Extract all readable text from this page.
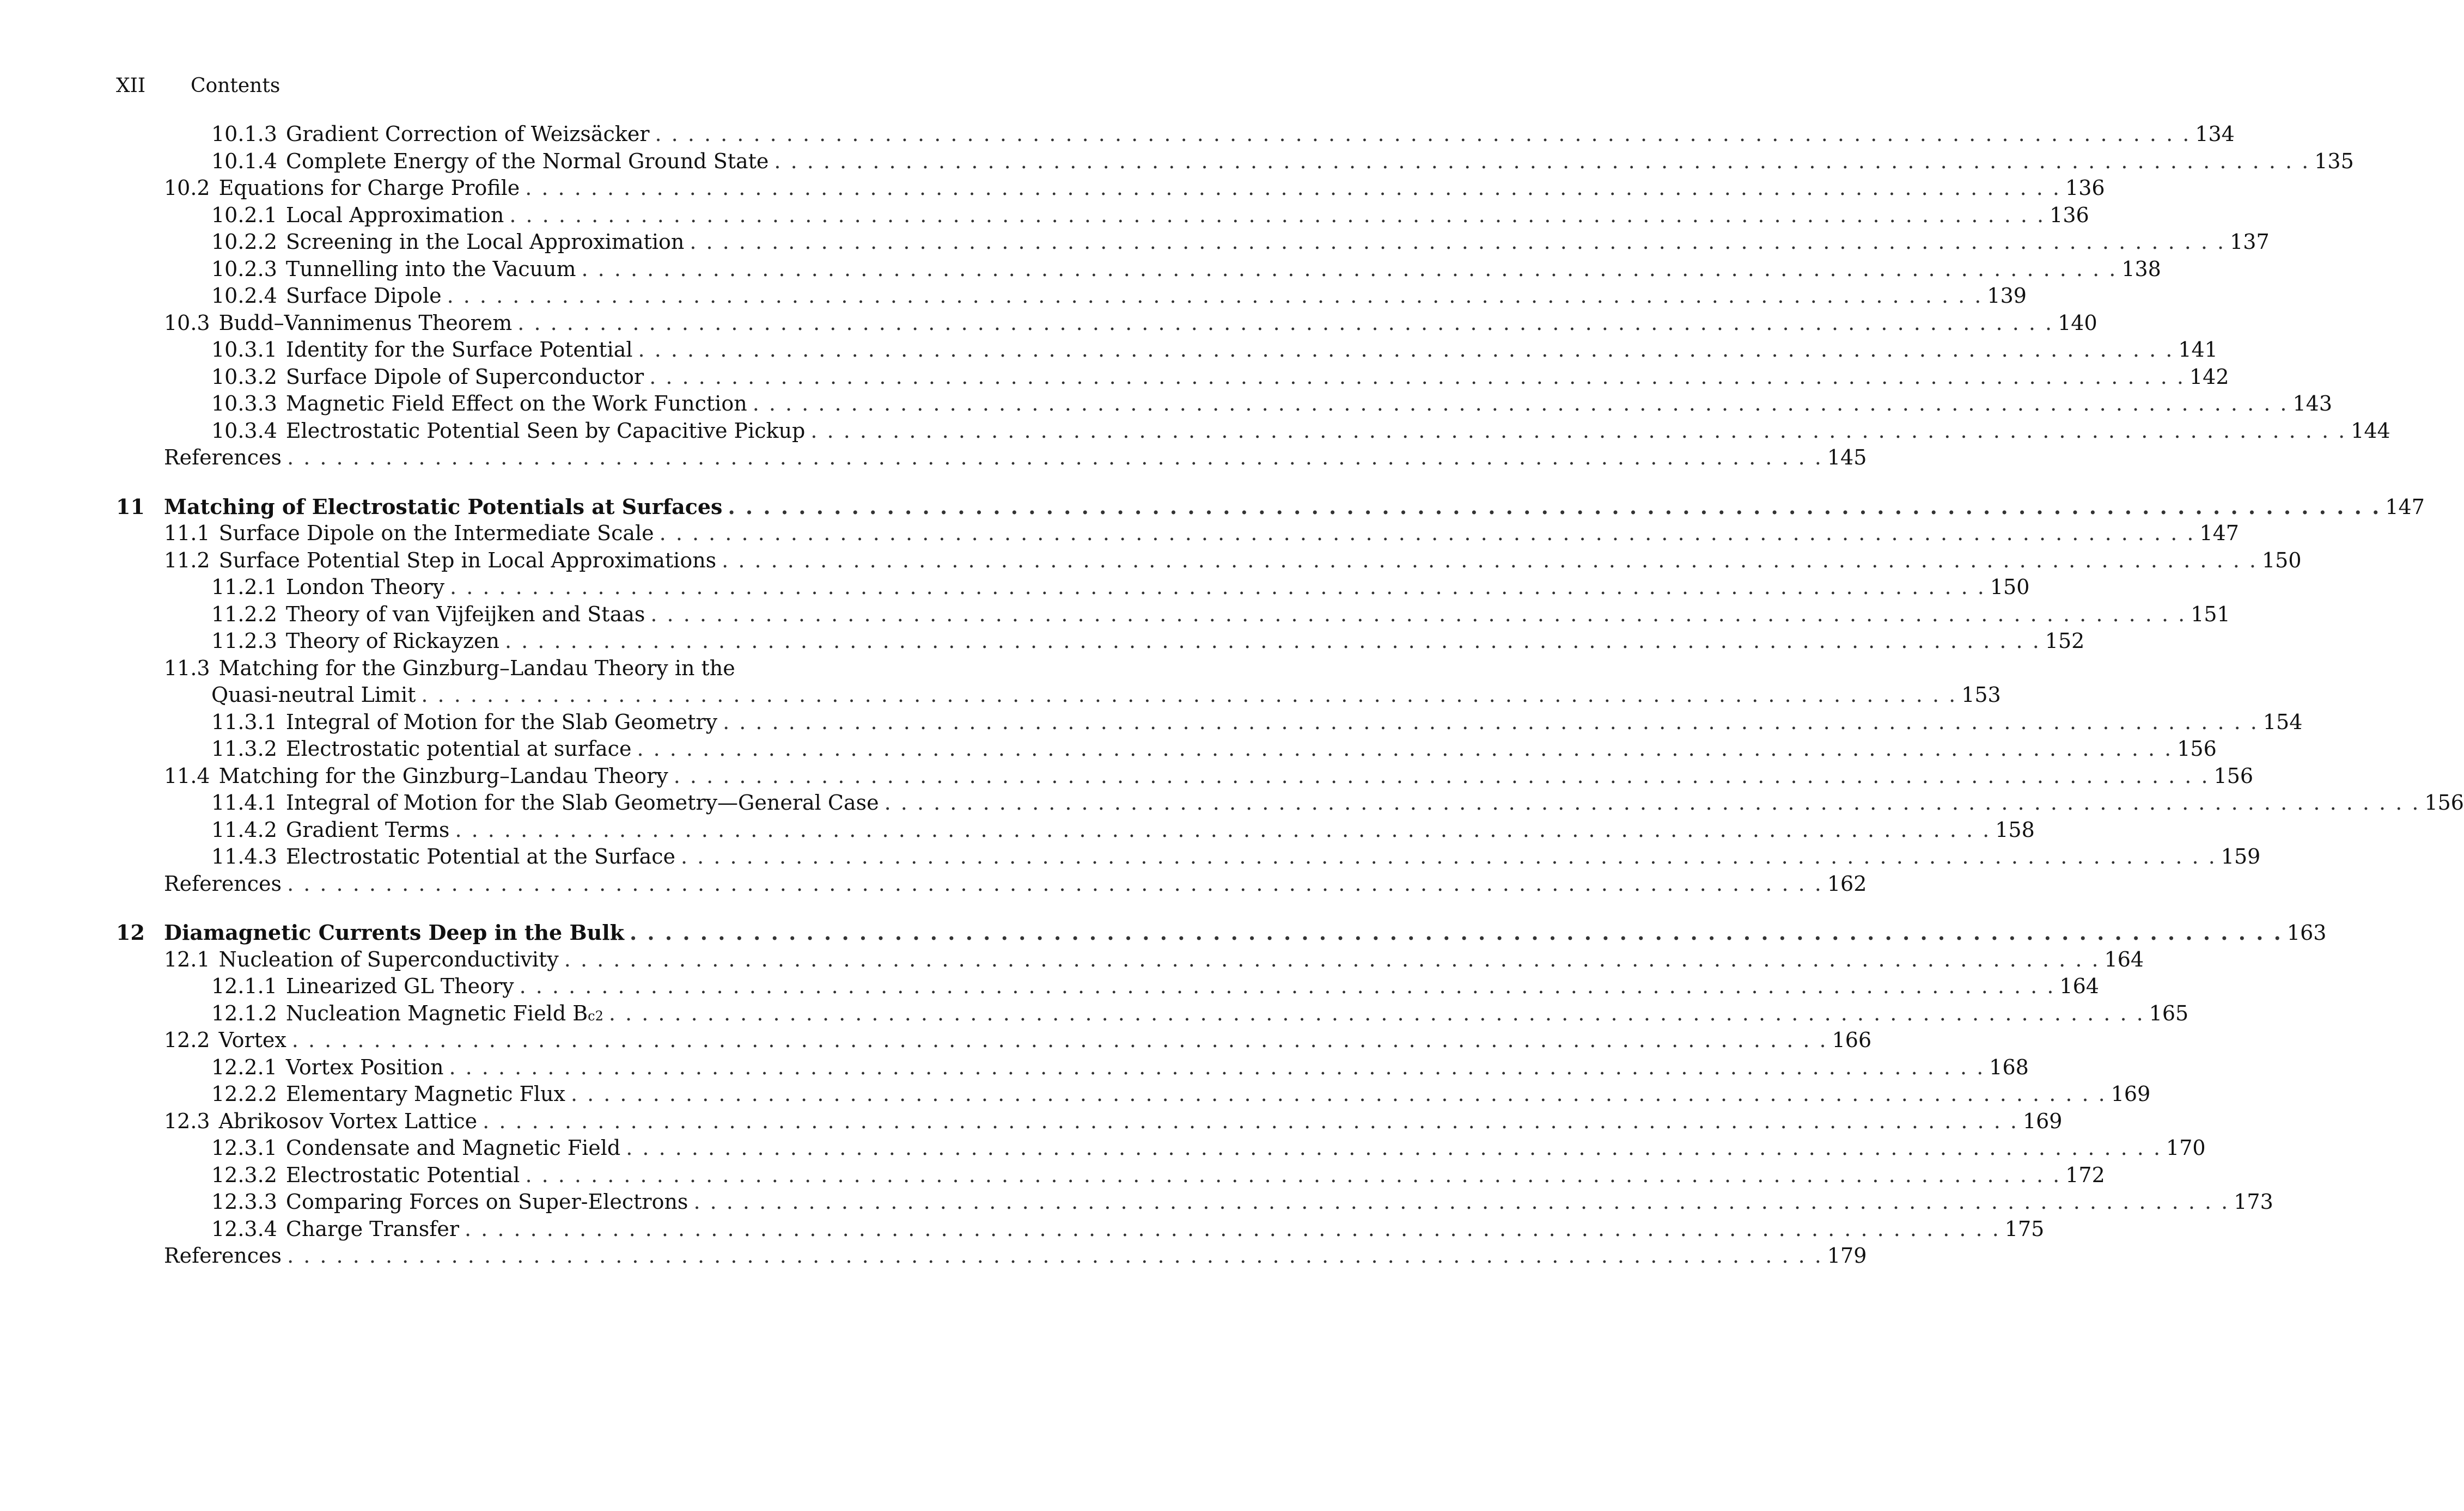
XII Contents
10.1.3 Gradient Correction of Weizsäcker . . .	134
10.1.4 Complete Energy of the Normal Ground State . . .	135
10.2 Equations for Charge Profile . . .	136
10.2.1 Local Approximation . . .	136
10.2.2 Screening in the Local Approximation . . .	137
10.2.3 Tunnelling into the Vacuum . . .	138
10.2.4 Surface Dipole . . .	139
10.3 Budd–Vannimenus Theorem . . .	140
10.3.1 Identity for the Surface Potential . . .	141
10.3.2 Surface Dipole of Superconductor . . .	142
10.3.3 Magnetic Field Effect on the Work Function . . .	143
10.3.4 Electrostatic Potential Seen by Capacitive Pickup . . .	144
References . . .	145
11 Matching of Electrostatic Potentials at Surfaces . . .	147
11.1 Surface Dipole on the Intermediate Scale . . .	147
11.2 Surface Potential Step in Local Approximations . . .	150
11.2.1 London Theory . . .	150
11.2.2 Theory of van Vijfeijken and Staas . . .	151
11.2.3 Theory of Rickayzen . . .	152
11.3 Matching for the Ginzburg–Landau Theory in the
Quasi-neutral Limit . . .	153
11.3.1 Integral of Motion for the Slab Geometry . . .	154
11.3.2 Electrostatic potential at surface . . .	156
11.4 Matching for the Ginzburg–Landau Theory . . .	156
11.4.1 Integral of Motion for the Slab Geometry—General Case . . .	156
11.4.2 Gradient Terms . . .	158
11.4.3 Electrostatic Potential at the Surface . . .	159
References . . .	162
12 Diamagnetic Currents Deep in the Bulk . . .	163
12.1 Nucleation of Superconductivity . . .	164
12.1.1 Linearized GL Theory . . .	164
12.1.2 Nucleation Magnetic Field B c2 . . .	165
12.2 Vortex . . .	166
12.2.1 Vortex Position . . .	168
12.2.2 Elementary Magnetic Flux . . .	169
12.3 Abrikosov Vortex Lattice . . .	169
12.3.1 Condensate and Magnetic Field . . .	170
12.3.2 Electrostatic Potential . . .	172
12.3.3 Comparing Forces on Super-Electrons . . .	173
12.3.4 Charge Transfer . . .	175
References . . .	179
